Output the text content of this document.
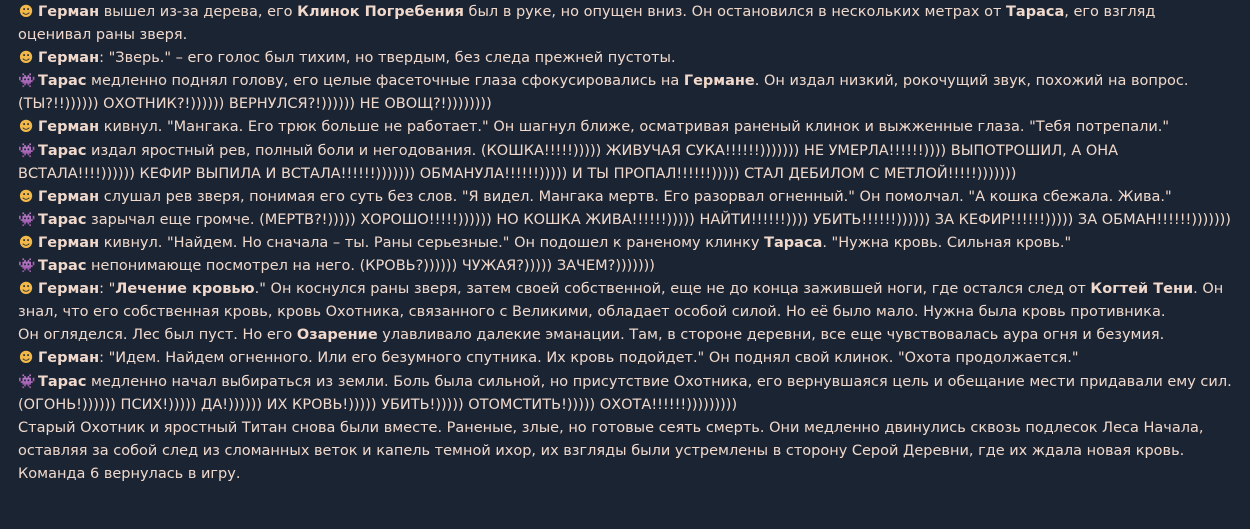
☻ Герман вышел из-за дерева, его Клинок Погребения был в руке, но опущен вниз. Он остановился в нескольких метрах от Тараса, его взгляд оценивал раны зверя.
☻ Герман: "Зверь." – его голос был тихим, но твердым, без следа прежней пустоты.
👾 Тарас медленно поднял голову, его целые фасеточные глаза сфокусировались на Германе. Он издал низкий, рокочущий звук, похожий на вопрос. (ТЫ?!!)))))) ОХОТНИК?!)))))) ВЕРНУЛСЯ?!)))))) НЕ ОВОЩ?!))))))))
☻ Герман кивнул. "Мангака. Его трюк больше не работает." Он шагнул ближе, осматривая раненый клинок и выжженные глаза. "Тебя потрепали."
👾 Тарас издал яростный рев, полный боли и негодования. (КОШКА!!!!!))))) ЖИВУЧАЯ СУКА!!!!!!))))))) НЕ УМЕРЛА!!!!!!)))) ВЫПОТРОШИЛ, А ОНА ВСТАЛА!!!!)))))) КЕФИР ВЫПИЛА И ВСТАЛА!!!!!!))))))) ОБМАНУЛА!!!!!!))))) И ТЫ ПРОПАЛ!!!!!!))))) СТАЛ ДЕБИЛОМ С МЕТЛОЙ!!!!!)))))))
☻ Герман слушал рев зверя, понимая его суть без слов. "Я видел. Мангака мертв. Его разорвал огненный." Он помолчал. "А кошка сбежала. Жива."
👾 Тарас зарычал еще громче. (МЕРТВ?!))))) ХОРОШО!!!!!)))))) НО КОШКА ЖИВА!!!!!!))))) НАЙТИ!!!!!!)))) УБИТЬ!!!!!!)))))) ЗА КЕФИР!!!!!!))))) ЗА ОБМАН!!!!!!)))))))
☻ Герман кивнул. "Найдем. Но сначала – ты. Раны серьезные." Он подошел к раненому клинку Тараса. "Нужна кровь. Сильная кровь."
👾 Тарас непонимающе посмотрел на него. (КРОВЬ?)))))) ЧУЖАЯ?))))) ЗАЧЕМ?)))))))
☻ Герман: "Лечение кровью." Он коснулся раны зверя, затем своей собственной, еще не до конца зажившей ноги, где остался след от Когтей Тени. Он знал, что его собственная кровь, кровь Охотника, связанного с Великими, обладает особой силой. Но её было мало. Нужна была кровь противника.
Он огляделся. Лес был пуст. Но его Озарение улавливало далекие эманации. Там, в стороне деревни, все еще чувствовалась аура огня и безумия.
☻ Герман: "Идем. Найдем огненного. Или его безумного спутника. Их кровь подойдет." Он поднял свой клинок. "Охота продолжается."
👾 Тарас медленно начал выбираться из земли. Боль была сильной, но присутствие Охотника, его вернувшаяся цель и обещание мести придавали ему сил. (ОГОНЬ!)))))) ПСИХ!))))) ДА!)))))) ИХ КРОВЬ!))))) УБИТЬ!))))) ОТОМСТИТЬ!))))) ОХОТА!!!!!!)))))))))
Старый Охотник и яростный Титан снова были вместе. Раненые, злые, но готовые сеять смерть. Они медленно двинулись сквозь подлесок Леса Начала, оставляя за собой след из сломанных веток и капель темной ихор, их взгляды были устремлены в сторону Серой Деревни, где их ждала новая кровь. Команда 6 вернулась в игру.
